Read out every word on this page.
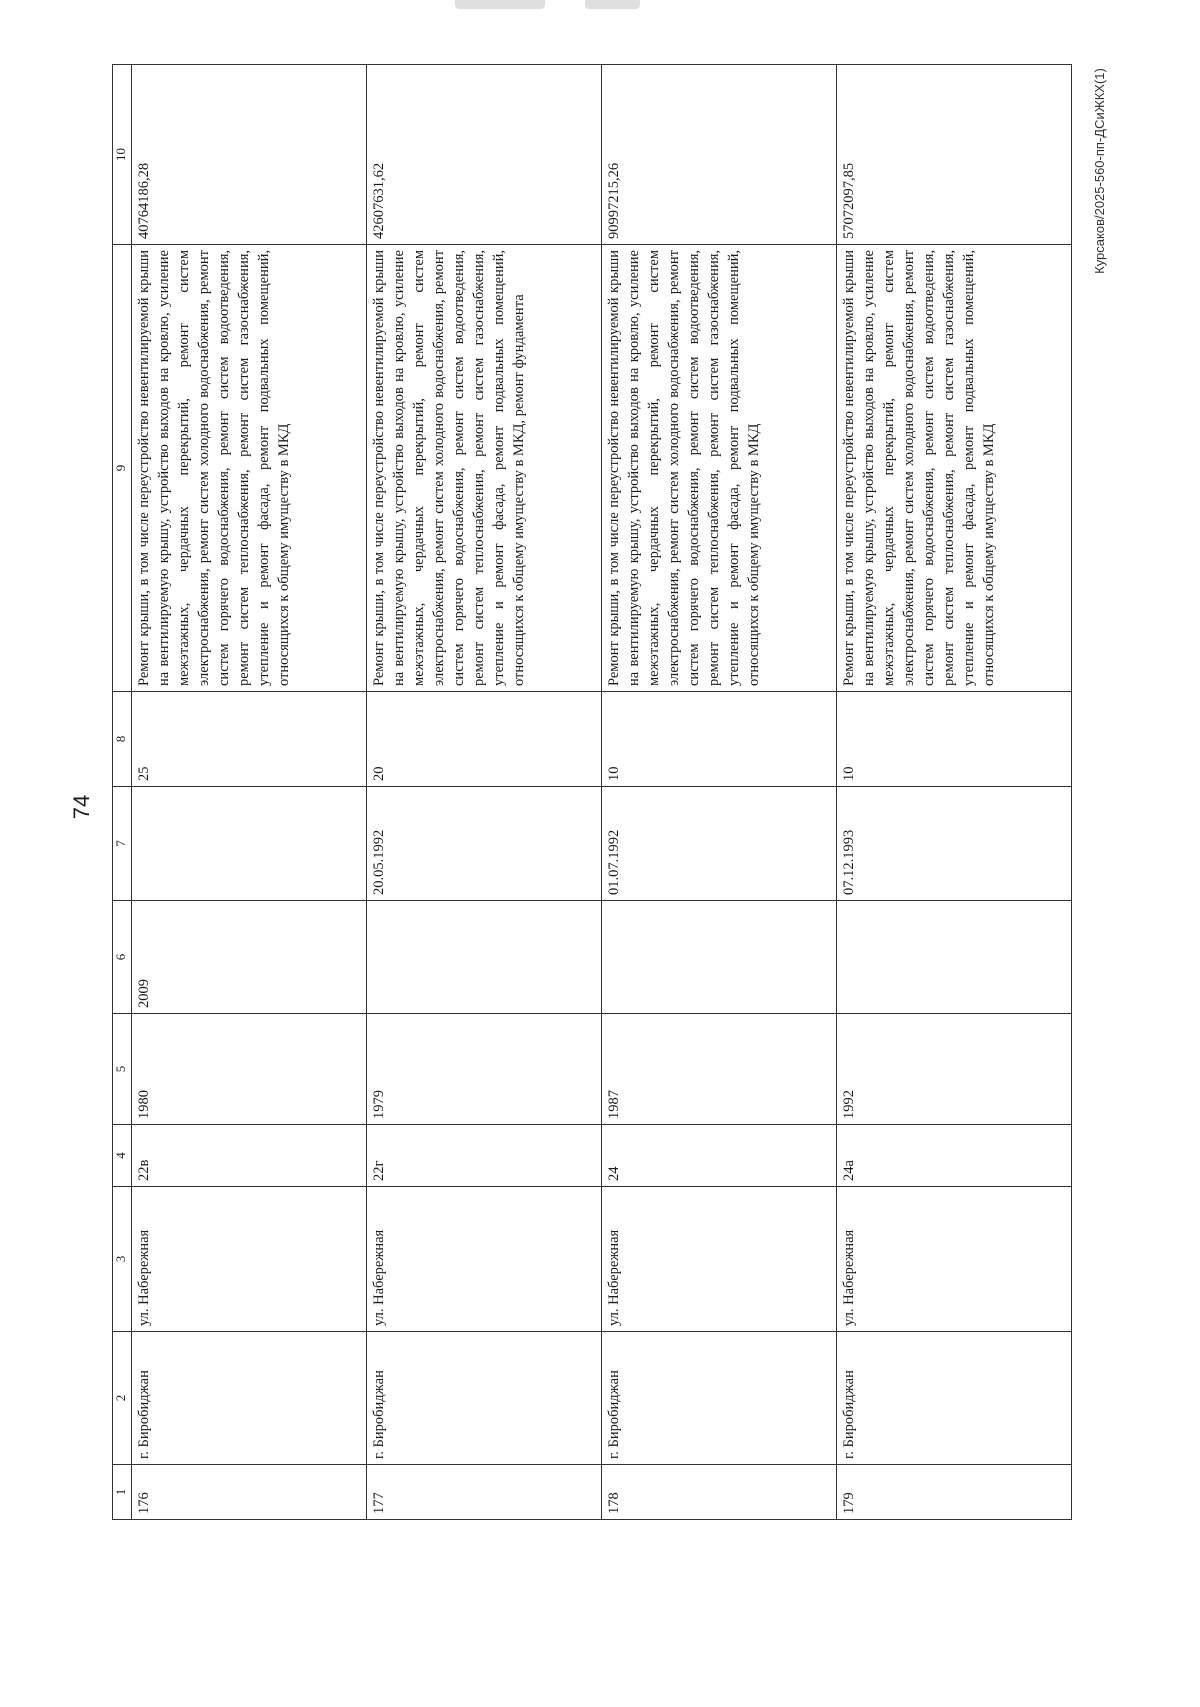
74
Курсаков/2025-560-пп-ДСиЖКХ(1)
1	2	3	4	5	6	7	8	9	10
176	г. Биробиджан	ул. Набережная	22в	1980	2009		25	Ремонт крыши, в том числе переустройство невентилируемой крыши на вентилируемую крышу, устройство выходов на кровлю, усиление межэтажных, чердачных перекрытий, ремонт систем электроснабжения, ремонт систем холодного водоснабжения, ремонт систем горячего водоснабжения, ремонт систем водоотведения, ремонт систем теплоснабжения, ремонт систем газоснабжения, утепление и ремонт фасада, ремонт подвальных помещений, относящихся к общему имуществу в МКД	40764186,28
177	г. Биробиджан	ул. Набережная	22г	1979		20.05.1992	20	Ремонт крыши, в том числе переустройство невентилируемой крыши на вентилируемую крышу, устройство выходов на кровлю, усиление межэтажных, чердачных перекрытий, ремонт систем электроснабжения, ремонт систем холодного водоснабжения, ремонт систем горячего водоснабжения, ремонт систем водоотведения, ремонт систем теплоснабжения, ремонт систем газоснабжения, утепление и ремонт фасада, ремонт подвальных помещений, относящихся к общему имуществу в МКД, ремонт фундамента	42607631,62
178	г. Биробиджан	ул. Набережная	24	1987		01.07.1992	10	Ремонт крыши, в том числе переустройство невентилируемой крыши на вентилируемую крышу, устройство выходов на кровлю, усиление межэтажных, чердачных перекрытий, ремонт систем электроснабжения, ремонт систем холодного водоснабжения, ремонт систем горячего водоснабжения, ремонт систем водоотведения, ремонт систем теплоснабжения, ремонт систем газоснабжения, утепление и ремонт фасада, ремонт подвальных помещений, относящихся к общему имуществу в МКД	90997215,26
179	г. Биробиджан	ул. Набережная	24а	1992		07.12.1993	10	Ремонт крыши, в том числе переустройство невентилируемой крыши на вентилируемую крышу, устройство выходов на кровлю, усиление межэтажных, чердачных перекрытий, ремонт систем электроснабжения, ремонт систем холодного водоснабжения, ремонт систем горячего водоснабжения, ремонт систем водоотведения, ремонт систем теплоснабжения, ремонт систем газоснабжения, утепление и ремонт фасада, ремонт подвальных помещений, относящихся к общему имуществу в МКД	57072097,85
